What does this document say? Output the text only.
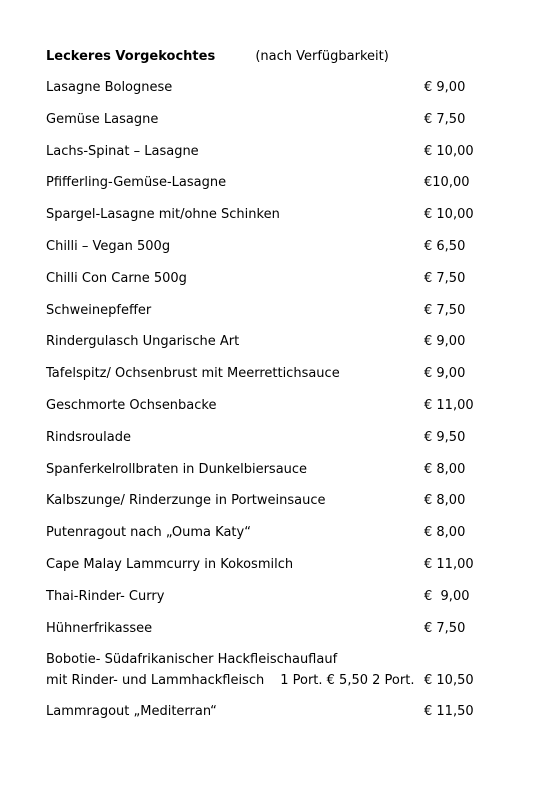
Leckeres Vorgekochtes	(nach Verfügbarkeit)
Lasagne Bolognese	€ 9,00
Gemüse Lasagne	€ 7,50
Lachs-Spinat – Lasagne	€ 10,00
Pfifferling-Gemüse-Lasagne	€10,00
Spargel-Lasagne mit/ohne Schinken	€ 10,00
Chilli – Vegan 500g	€ 6,50
Chilli Con Carne 500g	€ 7,50
Schweinepfeffer	€ 7,50
Rindergulasch Ungarische Art	€ 9,00
Tafelspitz/ Ochsenbrust mit Meerrettichsauce	€ 9,00
Geschmorte Ochsenbacke	€ 11,00
Rindsroulade	€ 9,50
Spanferkelrollbraten in Dunkelbiersauce	€ 8,00
Kalbszunge/ Rinderzunge in Portweinsauce	€ 8,00
Putenragout nach „Ouma Katy“	€ 8,00
Cape Malay Lammcurry in Kokosmilch	€ 11,00
Thai-Rinder- Curry	€  9,00
Hühnerfrikassee	€ 7,50
Bobotie- Südafrikanischer Hackfleischauflauf
mit Rinder- und Lammhackfleisch 1 Port. € 5,50 2 Port. € 10,50
Lammragout „Mediterran“	€ 11,50
